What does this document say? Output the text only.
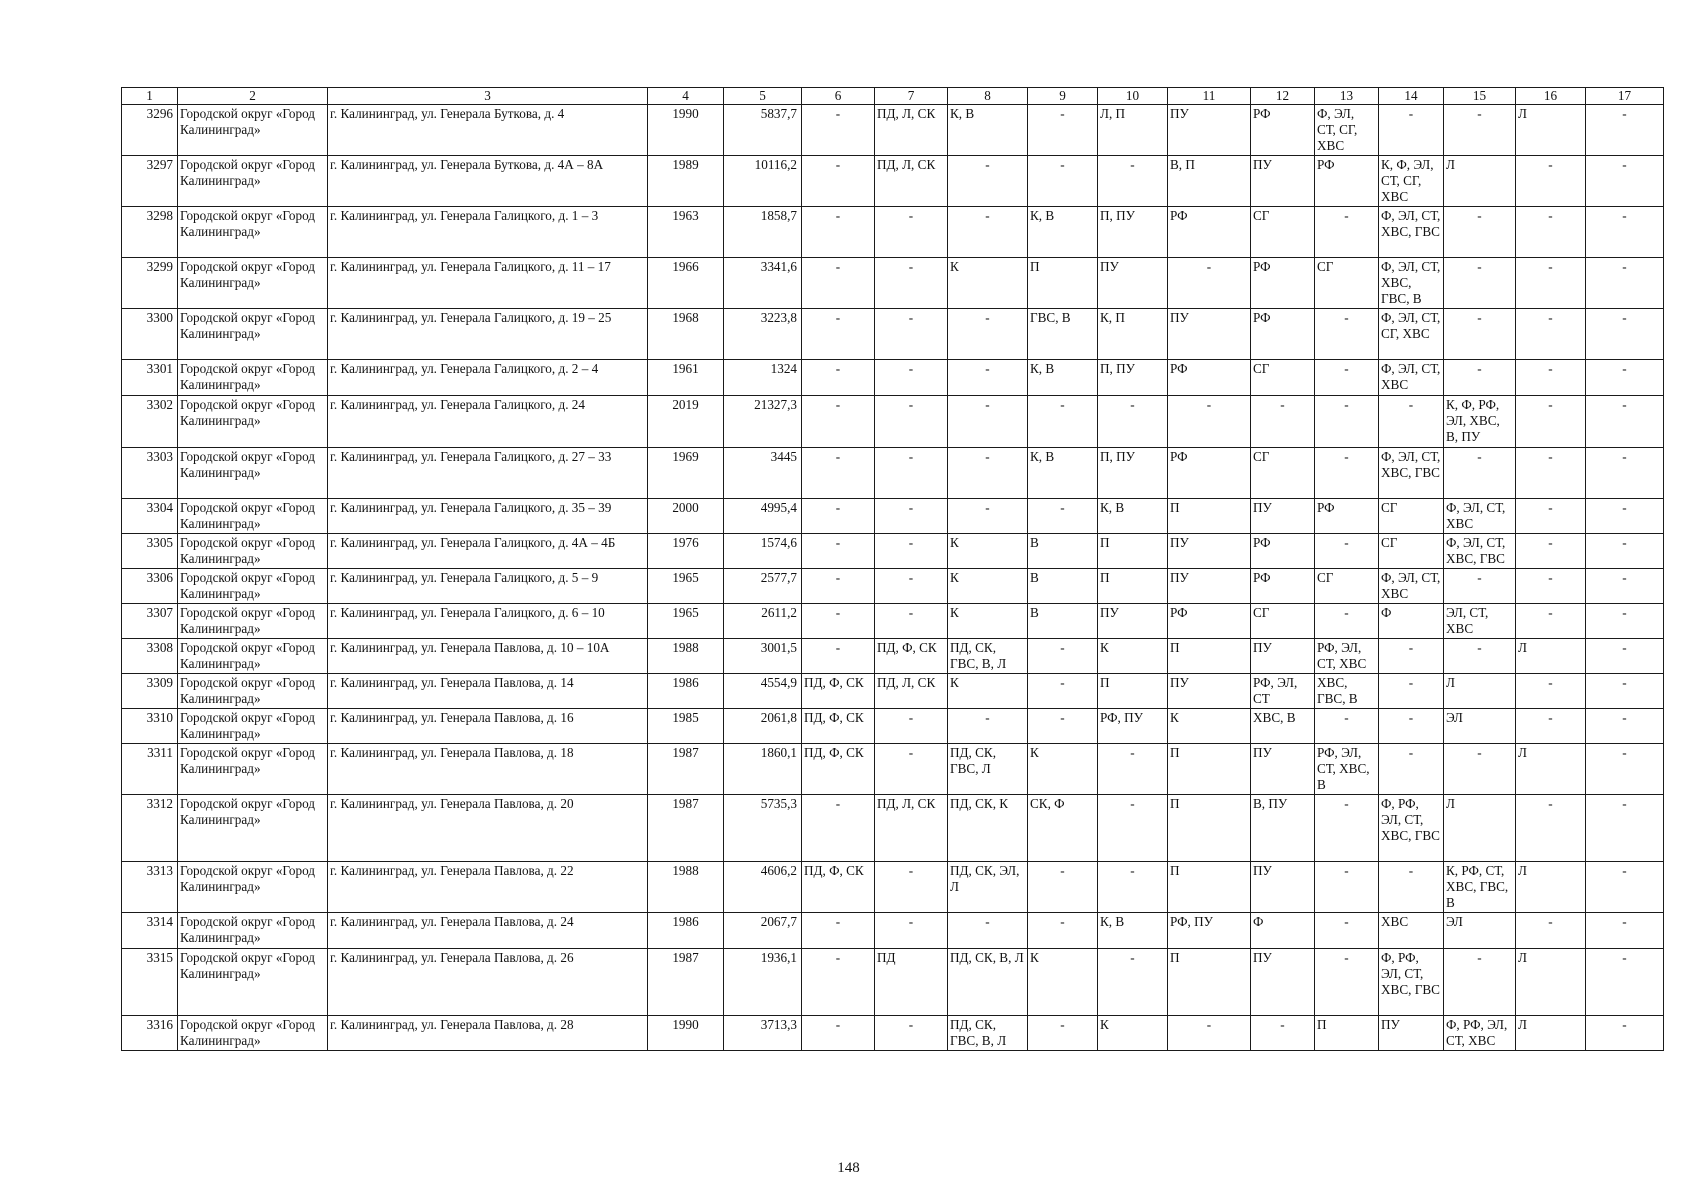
1	2	3	4	5	6	7	8	9	10	11	12	13	14	15	16	17
3296	Городской округ «Город Калининград»	г. Калининград, ул. Генерала Буткова, д. 4	1990	5837,7	-	ПД, Л, СК	К, В	-	Л, П	ПУ	РФ	Ф, ЭЛ, СТ, СГ, ХВС	-	-	Л	-
3297	Городской округ «Город Калининград»	г. Калининград, ул. Генерала Буткова, д. 4А – 8А	1989	10116,2	-	ПД, Л, СК	-	-	-	В, П	ПУ	РФ	К, Ф, ЭЛ, СТ, СГ, ХВС	Л	-	-
3298	Городской округ «Город Калининград»	г. Калининград, ул. Генерала Галицкого, д. 1 – 3	1963	1858,7	-	-	-	К, В	П, ПУ	РФ	СГ	-	Ф, ЭЛ, СТ, ХВС, ГВС	-	-	-
3299	Городской округ «Город Калининград»	г. Калининград, ул. Генерала Галицкого, д. 11 – 17	1966	3341,6	-	-	К	П	ПУ	-	РФ	СГ	Ф, ЭЛ, СТ, ХВС, ГВС, В	-	-	-
3300	Городской округ «Город Калининград»	г. Калининград, ул. Генерала Галицкого, д. 19 – 25	1968	3223,8	-	-	-	ГВС, В	К, П	ПУ	РФ	-	Ф, ЭЛ, СТ, СГ, ХВС	-	-	-
3301	Городской округ «Город Калининград»	г. Калининград, ул. Генерала Галицкого, д. 2 – 4	1961	1324	-	-	-	К, В	П, ПУ	РФ	СГ	-	Ф, ЭЛ, СТ, ХВС	-	-	-
3302	Городской округ «Город Калининград»	г. Калининград, ул. Генерала Галицкого, д. 24	2019	21327,3	-	-	-	-	-	-	-	-	-	К, Ф, РФ, ЭЛ, ХВС, В, ПУ	-	-
3303	Городской округ «Город Калининград»	г. Калининград, ул. Генерала Галицкого, д. 27 – 33	1969	3445	-	-	-	К, В	П, ПУ	РФ	СГ	-	Ф, ЭЛ, СТ, ХВС, ГВС	-	-	-
3304	Городской округ «Город Калининград»	г. Калининград, ул. Генерала Галицкого, д. 35 – 39	2000	4995,4	-	-	-	-	К, В	П	ПУ	РФ	СГ	Ф, ЭЛ, СТ, ХВС	-	-
3305	Городской округ «Город Калининград»	г. Калининград, ул. Генерала Галицкого, д. 4А – 4Б	1976	1574,6	-	-	К	В	П	ПУ	РФ	-	СГ	Ф, ЭЛ, СТ, ХВС, ГВС	-	-
3306	Городской округ «Город Калининград»	г. Калининград, ул. Генерала Галицкого, д. 5 – 9	1965	2577,7	-	-	К	В	П	ПУ	РФ	СГ	Ф, ЭЛ, СТ, ХВС	-	-	-
3307	Городской округ «Город Калининград»	г. Калининград, ул. Генерала Галицкого, д. 6 – 10	1965	2611,2	-	-	К	В	ПУ	РФ	СГ	-	Ф	ЭЛ, СТ, ХВС	-	-
3308	Городской округ «Город Калининград»	г. Калининград, ул. Генерала Павлова, д. 10 – 10А	1988	3001,5	-	ПД, Ф, СК	ПД, СК, ГВС, В, Л	-	К	П	ПУ	РФ, ЭЛ, СТ, ХВС	-	-	Л	-
3309	Городской округ «Город Калининград»	г. Калининград, ул. Генерала Павлова, д. 14	1986	4554,9	ПД, Ф, СК	ПД, Л, СК	К	-	П	ПУ	РФ, ЭЛ, СТ	ХВС, ГВС, В	-	Л	-	-
3310	Городской округ «Город Калининград»	г. Калининград, ул. Генерала Павлова, д. 16	1985	2061,8	ПД, Ф, СК	-	-	-	РФ, ПУ	К	ХВС, В	-	-	ЭЛ	-	-
3311	Городской округ «Город Калининград»	г. Калининград, ул. Генерала Павлова, д. 18	1987	1860,1	ПД, Ф, СК	-	ПД, СК, ГВС, Л	К	-	П	ПУ	РФ, ЭЛ, СТ, ХВС, В	-	-	Л	-
3312	Городской округ «Город Калининград»	г. Калининград, ул. Генерала Павлова, д. 20	1987	5735,3	-	ПД, Л, СК	ПД, СК, К	СК, Ф	-	П	В, ПУ	-	Ф, РФ, ЭЛ, СТ, ХВС, ГВС	Л	-	-
3313	Городской округ «Город Калининград»	г. Калининград, ул. Генерала Павлова, д. 22	1988	4606,2	ПД, Ф, СК	-	ПД, СК, ЭЛ, Л	-	-	П	ПУ	-	-	К, РФ, СТ, ХВС, ГВС, В	Л	-
3314	Городской округ «Город Калининград»	г. Калининград, ул. Генерала Павлова, д. 24	1986	2067,7	-	-	-	-	К, В	РФ, ПУ	Ф	-	ХВС	ЭЛ	-	-
3315	Городской округ «Город Калининград»	г. Калининград, ул. Генерала Павлова, д. 26	1987	1936,1	-	ПД	ПД, СК, В, Л	К	-	П	ПУ	-	Ф, РФ, ЭЛ, СТ, ХВС, ГВС	-	Л	-
3316	Городской округ «Город Калининград»	г. Калининград, ул. Генерала Павлова, д. 28	1990	3713,3	-	-	ПД, СК, ГВС, В, Л	-	К	-	-	П	ПУ	Ф, РФ, ЭЛ, СТ, ХВС	Л	-
148
